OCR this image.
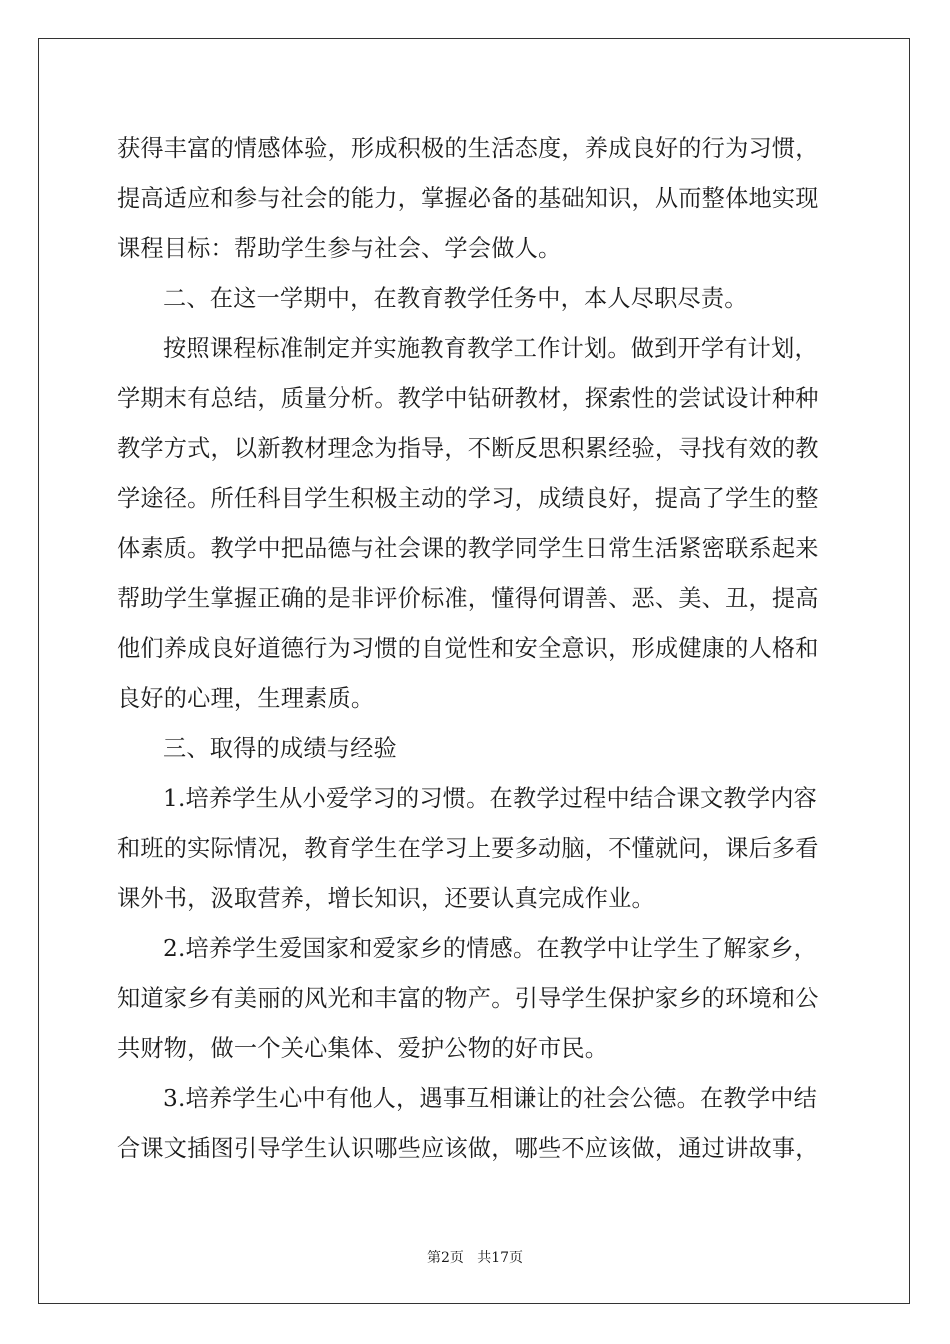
获得丰富的情感体验，形成积极的生活态度，养成良好的行为习惯，
提高适应和参与社会的能力，掌握必备的基础知识，从而整体地实现
课程目标：帮助学生参与社会、学会做人。
二、在这一学期中，在教育教学任务中，本人尽职尽责。
按照课程标准制定并实施教育教学工作计划。做到开学有计划，
学期末有总结，质量分析。教学中钻研教材，探索性的尝试设计种种
教学方式，以新教材理念为指导，不断反思积累经验，寻找有效的教
学途径。所任科目学生积极主动的学习，成绩良好，提高了学生的整
体素质。教学中把品德与社会课的教学同学生日常生活紧密联系起来
帮助学生掌握正确的是非评价标准，懂得何谓善、恶、美、丑，提高
他们养成良好道德行为习惯的自觉性和安全意识，形成健康的人格和
良好的心理，生理素质。
三、取得的成绩与经验
1.培养学生从小爱学习的习惯。在教学过程中结合课文教学内容
和班的实际情况，教育学生在学习上要多动脑，不懂就问，课后多看
课外书，汲取营养，增长知识，还要认真完成作业。
2.培养学生爱国家和爱家乡的情感。在教学中让学生了解家乡，
知道家乡有美丽的风光和丰富的物产。引导学生保护家乡的环境和公
共财物，做一个关心集体、爱护公物的好市民。
3.培养学生心中有他人，遇事互相谦让的社会公德。在教学中结
合课文插图引导学生认识哪些应该做，哪些不应该做，通过讲故事，
第2页   共17页
